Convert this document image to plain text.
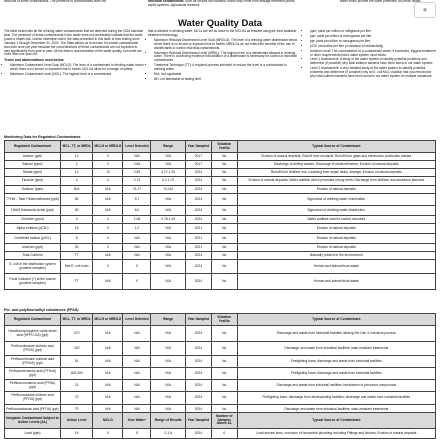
amounts of some contaminants. The presence of contaminants does not	Microbial contaminants, such as viruses and bacteria, which may come from sewage treatment plants, septic systems, agricultural livestock
water which provide the same protection for public health.
●
Water Quality Data

The table below lists all the drinking water contaminants that we detected during the 2024 calendar year. The presence of these contaminants in the water does not necessarily indicate that the water poses a health risk. Unless otherwise noted, the data presented in this table is from testing done January 1 through December 31, 2024. The State allows us to monitor for certain contaminants less than once per year because the concentrations of these contaminants are not expected to vary significantly from year to year. All the data is representative of the water quality, but some are more than one year old.

Terms and abbreviations used below:

• Maximum Contaminant Level Goal (MCLG): The level of a contaminant in drinking water below which there is no known or expected risk to health. MCLGs allow for a margin of safety.
• Maximum Contaminant Level (MCL): The highest level of a contaminant
that is allowed in drinking water. MCLs are set as close to the MCLGs as feasible using the best available treatment technology.
• Maximum Residual Disinfectant Level Goal (MRDLG): The level of a drinking water disinfectant below which there is no known or expected risk to health. MRDLGs do not reflect the benefits of the use of disinfectants to control microbial contaminants.
• Maximum Residual Disinfectant Level (MRDL): The highest level of a disinfectant allowed in drinking water. There is convincing evidence that addition of a disinfectant is necessary for control of microbial contaminants.
• Treatment Technique (TT): A required process intended to reduce the level of a contaminant in drinking water.
• N/A: Not applicable
• ND: not detectable at testing limit
• ppm: parts per million or milligrams per liter
• ppb: parts per billion or micrograms per liter
• ppt: parts per trillion or nanograms per liter
• pCi/l: picocuries per liter (a measure of radioactivity)
• Ambient Level: The concentration of a contaminant which, if exceeded, triggers treatment or other requirements that a water system must follow.
• Level 1 Assessment: A study of the water system to identify potential problems and determine (if possible) why total coliform bacteria have been found in our water system.
• Level 2 Assessment: A very detailed study of the water system to identify potential problems and determine (if possible) why an E. coli MCL violation has occurred and/or why total coliform bacteria have been found in our water system on multiple occasions.
Monitoring Data for Regulated Contaminants
Regulated Contaminant	MCL, TT, or MRDL	MCLG or MRDLG	Level Detected	Range	Year Sampled	Violation Yes/No	Typical Source of Contaminant
Arsenic (ppb)	10	0	N/A	N/A	2017	No	Erosion of natural deposits; Runoff from orchards; Runoff from glass and electronics production wastes
Barium (ppm)	2	2	0.66	N/A	2017	No	Discharge of drilling wastes; Discharge of metal refineries; Erosion of natural deposits
Nitrate (ppm)	10	10	0.69	0.17-1.90	2024	No	Runoff from fertilizer use; Leaching from septic tanks, sewage; Erosion of natural deposits
Fluoride (ppm)	4	4	0.73	0.2-1.07	2024	No	Erosion of natural deposits; Water additive which promotes strong teeth; Discharge from fertilizer and aluminum factories
Sodium¹ (ppm)	N/A	N/A	74.17	74-110	2024	No	Erosion of natural deposits
TTHM - Total Trihalomethanes (ppb)	80	N/A	5.7	N/A	2024	No	Byproduct of drinking water chlorination
HAA5 Haloacetic Acids (ppb)	60	N/A	6.0	N/A	2024	No	Byproduct of drinking water disinfection
Chlorine² (ppm)	4	4	1.08	0.76-1.49	2024	No	Water additive used to control microbes
Alpha emitters (pCi/L)	15	0	1.2	N/A	2021	No	Erosion of natural deposits
Combined radium (pCi/L)	5	0	N/A	N/A	2021	No	Erosion of natural deposits
Uranium (ppb)	30	0	N/A	N/A	2021	No	Erosion of natural deposits
Total Coliform	TT	N/A	N/A	N/A	2024	No	Naturally present in the environment
E. coli in the distribution system (positive samples)	See E. coli note³	0	0	N/A	2024	No	Human and animal fecal waste
Fecal Indicator (+) at the source (positive samples)	TT	N/A	0	N/A	2024	No	Human and animal fecal waste
Per- and polyfluoroalkyl substances (PFAS)
Regulated Contaminant	MCL, TT, or MRDL	MCLG or MRDLG	Level Detected	Range	Year Sampled	Violation Yes/No	Typical Source of Contaminant
Hexafluoropropylene oxide dimer acid (HFPO-DA) (ppt)	370	N/A	N/A	N/A	2024	No	Discharge and waste from industrial facilities utilizing the Gen X chemical process
Perfluorobutane-sulfonic acid (PFBS) (ppt)	420	N/A	N/A	N/A	2024	No	Discharge and waste from industrial facilities; stain-resistant treatments
Perfluorohexane sulfonic acid (PFHxS) (ppt)	51	N/A	N/A	N/A	2024	No	Firefighting foam; discharge and waste from industrial facilities
Perfluorohexanoic acid (PFHxA) (ppt)	400,000	N/A	N/A	N/A	2024	No	Firefighting foam; discharge and waste from industrial facilities
Perfluorononanoic acid (PFNA) (ppt)	21	N/A	N/A	N/A	2024	No	Discharge and waste from industrial facilities; breakdown of precursor compounds
Perfluorooctane sulfonic acid (PFOS) (ppt)	70	N/A	N/A	N/A	2024	No	Firefighting foam; discharge from electroplating facilities; discharge and waste from industrial facilities
Perfluorooctanoic acid (PFOA) (ppt)	70	N/A	N/A	N/A	2024	No	Discharge and waste from industrial facilities; stain-resistant treatments
Inorganic Contaminant Subject to Action Levels (AL)	Action Level	MCLG	Your Water⁴	Range of Results	Year Sampled	Number of Samples Above AL	Typical Source of Contaminant
Lead (ppb)	15	0	9	0-1.8	2024	0	Lead service lines, corrosion of household plumbing including Fittings and fixtures; Erosion of natural deposits
